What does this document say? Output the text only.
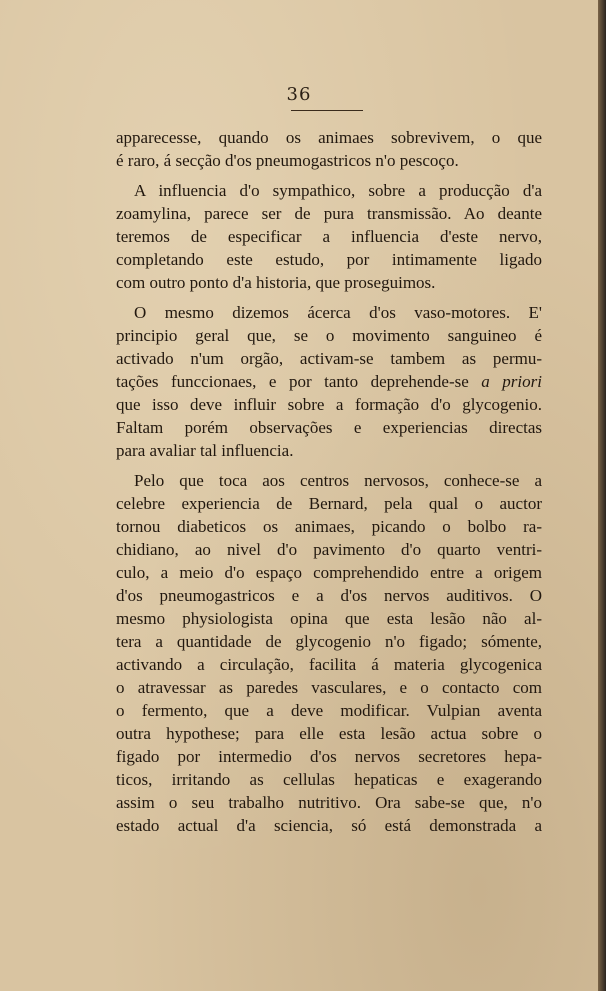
36

apparecesse, quando os animaes sobrevivem, o que
é raro, á secção d'os pneumogastricos n'o pescoço.

A influencia d'o sympathico, sobre a producção d'a
zoamylina, parece ser de pura transmissão. Ao deante
teremos de especificar a influencia d'este nervo,
completando este estudo, por intimamente ligado
com outro ponto d'a historia, que proseguimos.

O mesmo dizemos ácerca d'os vaso-motores. E'
principio geral que, se o movimento sanguineo é
activado n'um orgão, activam-se tambem as permu-
tações funccionaes, e por tanto deprehende-se a priori
que isso deve influir sobre a formação d'o glycogenio.
Faltam porém observações e experiencias directas
para avaliar tal influencia.

Pelo que toca aos centros nervosos, conhece-se a
celebre experiencia de Bernard, pela qual o auctor
tornou diabeticos os animaes, picando o bolbo ra-
chidiano, ao nivel d'o pavimento d'o quarto ventri-
culo, a meio d'o espaço comprehendido entre a origem
d'os pneumogastricos e a d'os nervos auditivos. O
mesmo physiologista opina que esta lesão não al-
tera a quantidade de glycogenio n'o figado; sómente,
activando a circulação, facilita á materia glycogenica
o atravessar as paredes vasculares, e o contacto com
o fermento, que a deve modificar. Vulpian aventa
outra hypothese; para elle esta lesão actua sobre o
figado por intermedio d'os nervos secretores hepa-
ticos, irritando as cellulas hepaticas e exagerando
assim o seu trabalho nutritivo. Ora sabe-se que, n'o
estado actual d'a sciencia, só está demonstrada a
